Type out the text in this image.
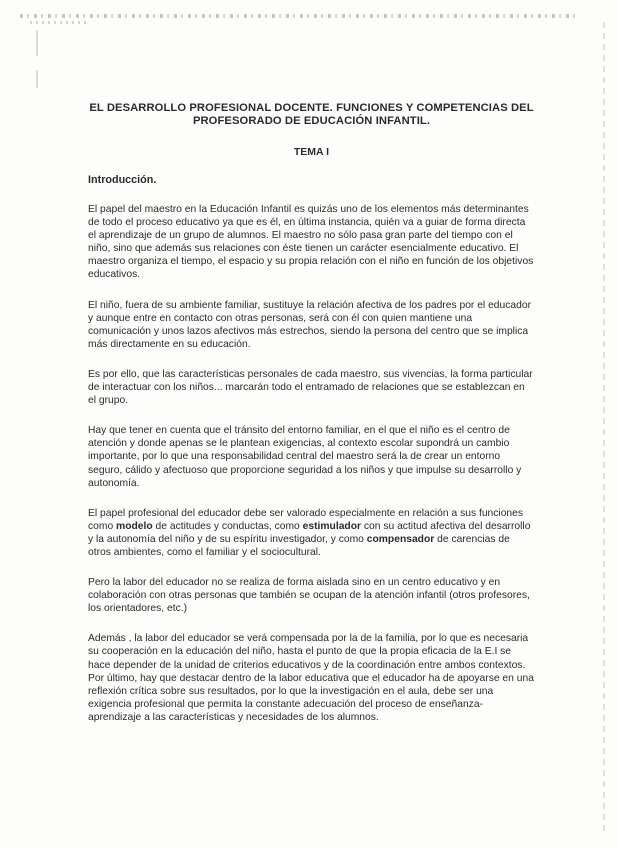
EL DESARROLLO PROFESIONAL DOCENTE. FUNCIONES Y COMPETENCIAS DEL PROFESORADO DE EDUCACIÓN INFANTIL.
TEMA I
Introducción.

El papel del maestro en la Educación Infantil es quizás uno de los elementos más determinantes de todo el proceso educativo ya que es él, en última instancia, quién va a guiar de forma directa el aprendizaje de un grupo de alumnos. El maestro no sólo pasa gran parte del tiempo con el niño, sino que además sus relaciones con éste tienen un carácter esencialmente educativo. El maestro organiza el tiempo, el espacio y su propia relación con el niño en función de los objetivos educativos.

El niño, fuera de su ambiente familiar, sustituye la relación afectiva de los padres por el educador y aunque entre en contacto con otras personas, será con él con quien mantiene una comunicación y unos lazos afectivos más estrechos, siendo la persona del centro que se implica más directamente en su educación.

Es por ello, que las características personales de cada maestro, sus vivencias, la forma particular de interactuar con los niños... marcarán todo el entramado de relaciones que se establezcan en el grupo.

Hay que tener en cuenta que el tránsito del entorno familiar, en el que el niño es el centro de atención y donde apenas se le plantean exigencias, al contexto escolar supondrá un cambio importante, por lo que una responsabilidad central del maestro será la de crear un entorno seguro, cálido y afectuoso que proporcione seguridad a los niños y que impulse su desarrollo y autonomía.

El papel profesional del educador debe ser valorado especialmente en relación a sus funciones como modelo de actitudes y conductas, como estimulador con su actitud afectiva del desarrollo y la autonomía del niño y de su espíritu investigador, y como compensador de carencias de otros ambientes, como el familiar y el sociocultural.

Pero la labor del educador no se realiza de forma aislada sino en un centro educativo y en colaboración con otras personas que también se ocupan de la atención infantil (otros profesores, los orientadores, etc.)

Además , la labor del educador se verá compensada por la de la familia, por lo que es necesaria su cooperación en la educación del niño, hasta el punto de que la propia eficacia de la E.I se hace depender de la unidad de criterios educativos y de la coordinación entre ambos contextos. Por último, hay que destacar dentro de la labor educativa que el educador ha de apoyarse en una reflexión crítica sobre sus resultados, por lo que la investigación en el aula, debe ser una exigencia profesional que permita la constante adecuación del proceso de enseñanza-aprendizaje a las características y necesidades de los alumnos.
